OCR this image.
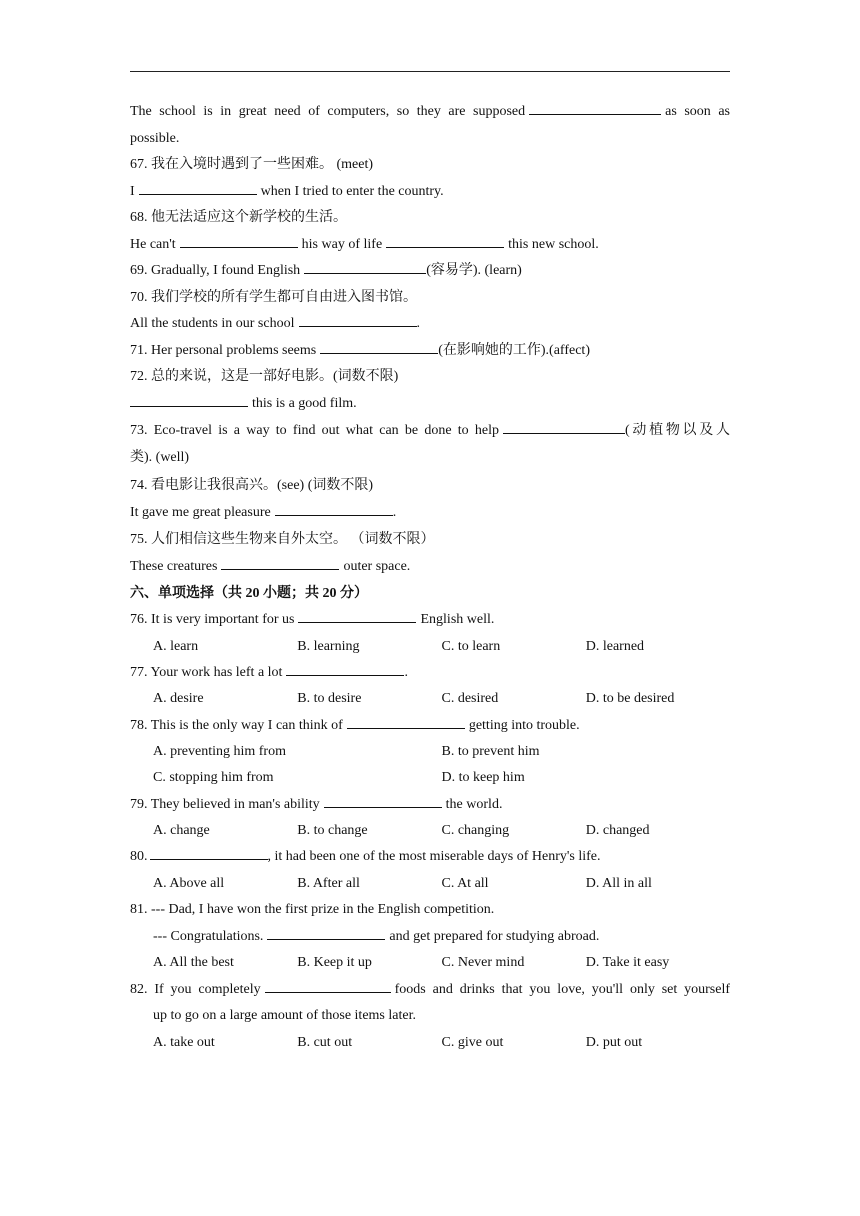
The school is in great need of computers, so they are supposed	as soon as
possible.
67. 我在入境时遇到了一些困难。 (meet)
I	when I tried to enter the country.
68. 他无法适应这个新学校的生活。
He can't	his way of life	this new school.
69. Gradually, I found English	(容易学). (learn)
70. 我们学校的所有学生都可自由进入图书馆。
All the students in our school	.
71. Her personal problems seems	(在影响她的工作).(affect)
72. 总的来说，这是一部好电影。(词数不限)
this is a good film.
73. Eco-travel is a way to find out what can be done to help	(动植物以及人
类). (well)
74. 看电影让我很高兴。(see) (词数不限)
It gave me great pleasure	.
75. 人们相信这些生物来自外太空。 （词数不限）
These creatures	outer space.
六、单项选择（共 20 小题；共 20 分）
76. It is very important for us	English well.
A. learn	B. learning	C. to learn	D. learned
77. Your work has left a lot	.
A. desire	B. to desire	C. desired	D. to be desired
78. This is the only way I can think of	getting into trouble.
A. preventing him from	B. to prevent him
C. stopping him from	D. to keep him
79. They believed in man's ability	the world.
A. change	B. to change	C. changing	D. changed
80.	, it had been one of the most miserable days of Henry's life.
A. Above all	B. After all	C. At all	D. All in all
81. --- Dad, I have won the first prize in the English competition.
--- Congratulations.	and get prepared for studying abroad.
A. All the best	B. Keep it up	C. Never mind	D. Take it easy
82. If you completely	foods and drinks that you love, you'll only set yourself
up to go on a large amount of those items later.
A. take out	B. cut out	C. give out	D. put out
